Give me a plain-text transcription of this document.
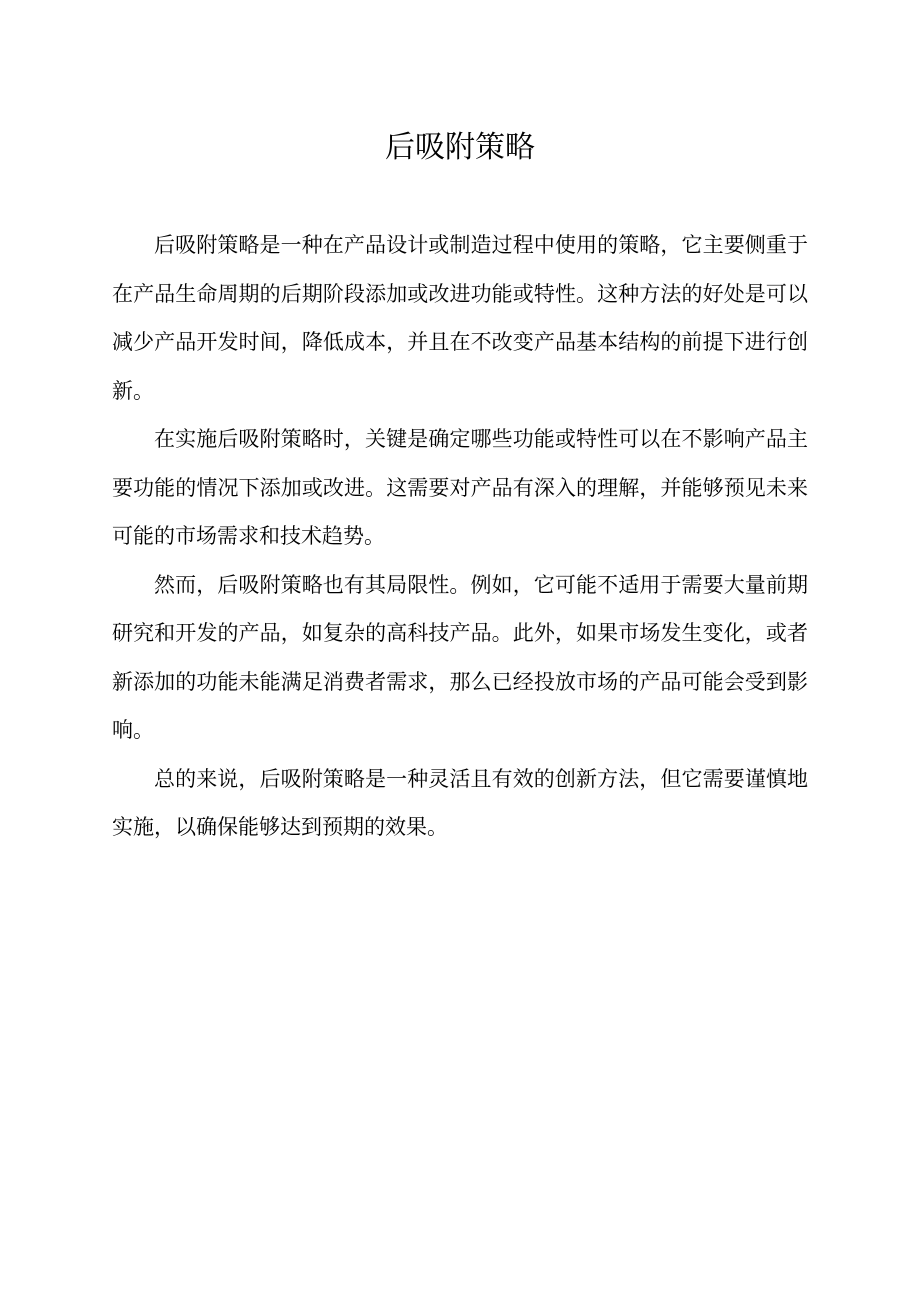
后吸附策略

后吸附策略是一种在产品设计或制造过程中使用的策略，它主要侧重于在产品生命周期的后期阶段添加或改进功能或特性。这种方法的好处是可以减少产品开发时间，降低成本，并且在不改变产品基本结构的前提下进行创新。

在实施后吸附策略时，关键是确定哪些功能或特性可以在不影响产品主要功能的情况下添加或改进。这需要对产品有深入的理解，并能够预见未来可能的市场需求和技术趋势。

然而，后吸附策略也有其局限性。例如，它可能不适用于需要大量前期研究和开发的产品，如复杂的高科技产品。此外，如果市场发生变化，或者新添加的功能未能满足消费者需求，那么已经投放市场的产品可能会受到影响。

总的来说，后吸附策略是一种灵活且有效的创新方法，但它需要谨慎地实施，以确保能够达到预期的效果。
